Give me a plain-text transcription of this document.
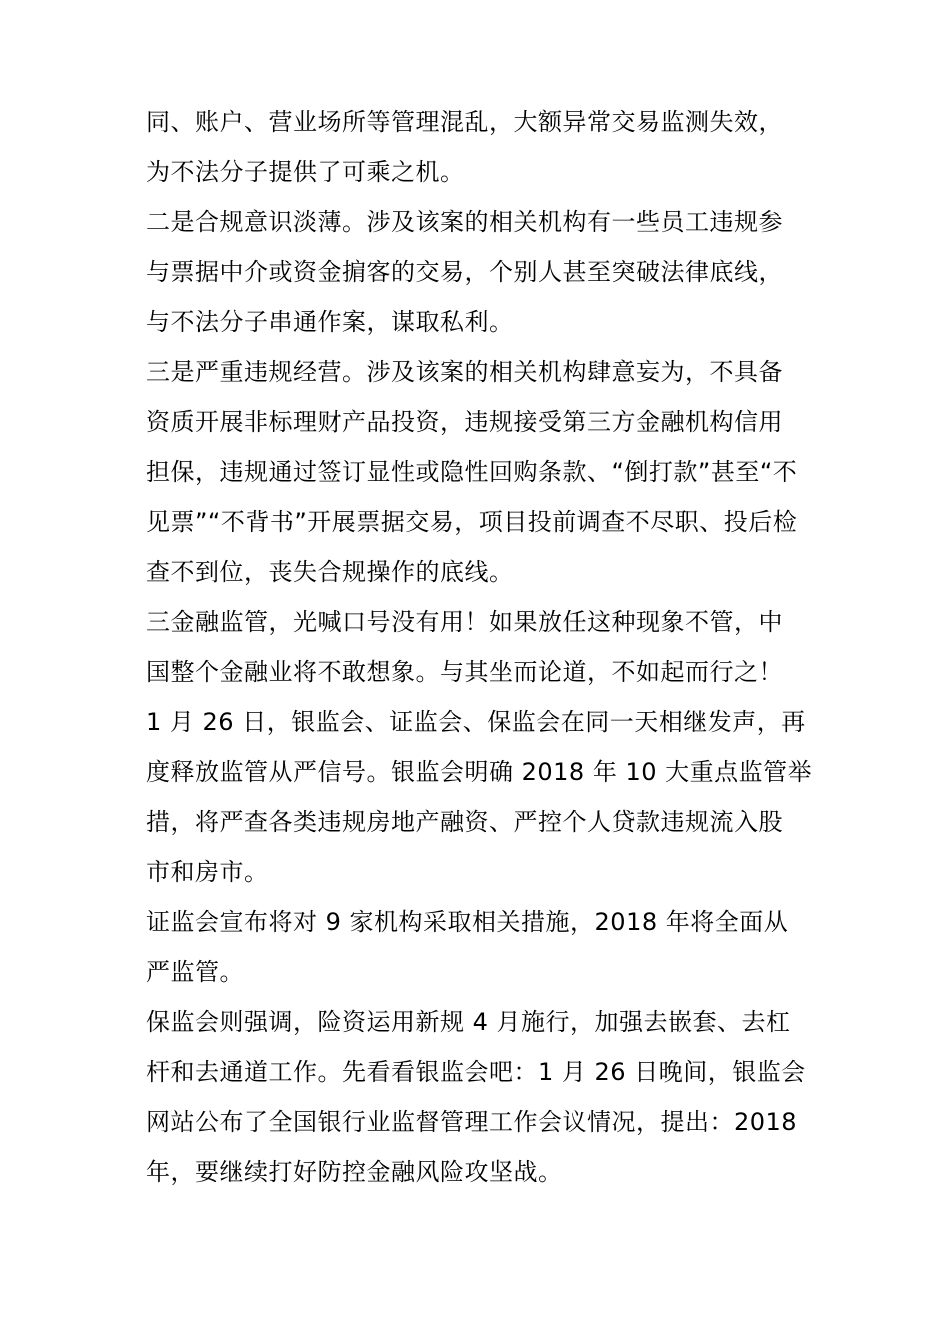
同、账户、营业场所等管理混乱，大额异常交易监测失效，
为不法分子提供了可乘之机。
二是合规意识淡薄。涉及该案的相关机构有一些员工违规参
与票据中介或资金掮客的交易，个别人甚至突破法律底线，
与不法分子串通作案，谋取私利。
三是严重违规经营。涉及该案的相关机构肆意妄为，不具备
资质开展非标理财产品投资，违规接受第三方金融机构信用
担保，违规通过签订显性或隐性回购条款、“倒打款”甚至“不
见票”“不背书”开展票据交易，项目投前调查不尽职、投后检
查不到位，丧失合规操作的底线。
三金融监管，光喊口号没有用！如果放任这种现象不管，中
国整个金融业将不敢想象。与其坐而论道，不如起而行之！
1 月 26 日，银监会、证监会、保监会在同一天相继发声，再
度释放监管从严信号。银监会明确 2018 年 10 大重点监管举
措，将严查各类违规房地产融资、严控个人贷款违规流入股
市和房市。
证监会宣布将对 9 家机构采取相关措施，2018 年将全面从
严监管。
保监会则强调，险资运用新规 4 月施行，加强去嵌套、去杠
杆和去通道工作。先看看银监会吧：1 月 26 日晚间，银监会
网站公布了全国银行业监督管理工作会议情况，提出：2018
年，要继续打好防控金融风险攻坚战。
